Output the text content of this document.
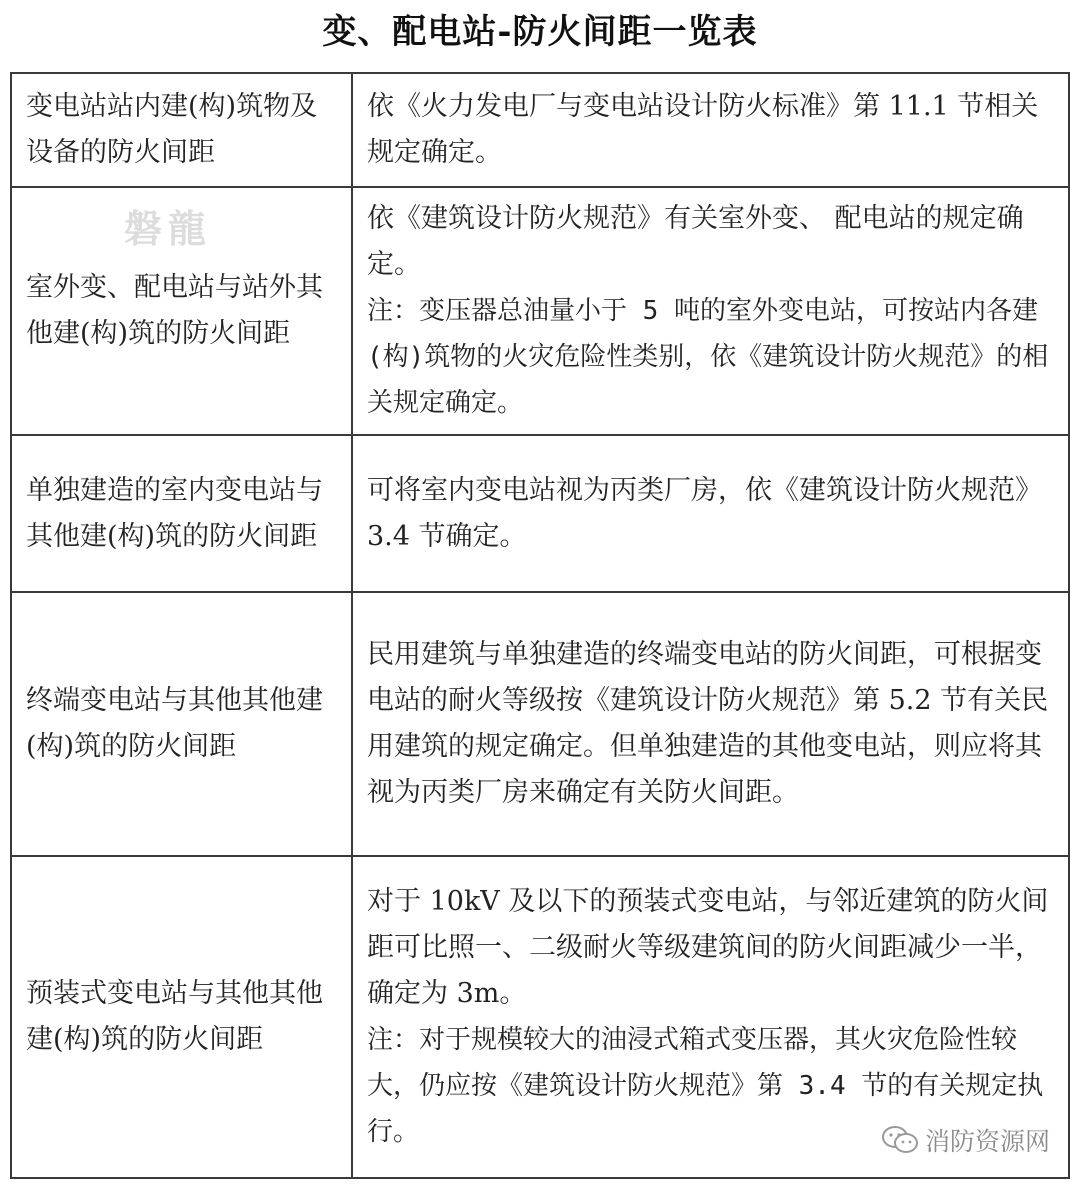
变、配电站-防火间距一览表
变电站站内建(构)筑物及设备的防火间距	依《火力发电厂与变电站设计防火标准》第 11.1 节相关规定确定。

磐龍
室外变、配电站与站外其他建(构)筑的防火间距	依《建筑设计防火规范》有关室外变、 配电站的规定确定。
注：变压器总油量小于 5 吨的室外变电站，可按站内各建(构)筑物的火灾危险性类别，依《建筑设计防火规范》的相关规定确定。

单独建造的室内变电站与其他建(构)筑的防火间距	可将室内变电站视为丙类厂房，依《建筑设计防火规范》3.4 节确定。

终端变电站与其他其他建(构)筑的防火间距	民用建筑与单独建造的终端变电站的防火间距，可根据变电站的耐火等级按《建筑设计防火规范》第 5.2 节有关民用建筑的规定确定。但单独建造的其他变电站，则应将其视为丙类厂房来确定有关防火间距。

预装式变电站与其他其他建(构)筑的防火间距	对于 10kV 及以下的预装式变电站，与邻近建筑的防火间距可比照一、二级耐火等级建筑间的防火间距减少一半，确定为 3m。
注：对于规模较大的油浸式箱式变压器，其火灾危险性较大，仍应按《建筑设计防火规范》第 3.4 节的有关规定执行。	消防资源网
